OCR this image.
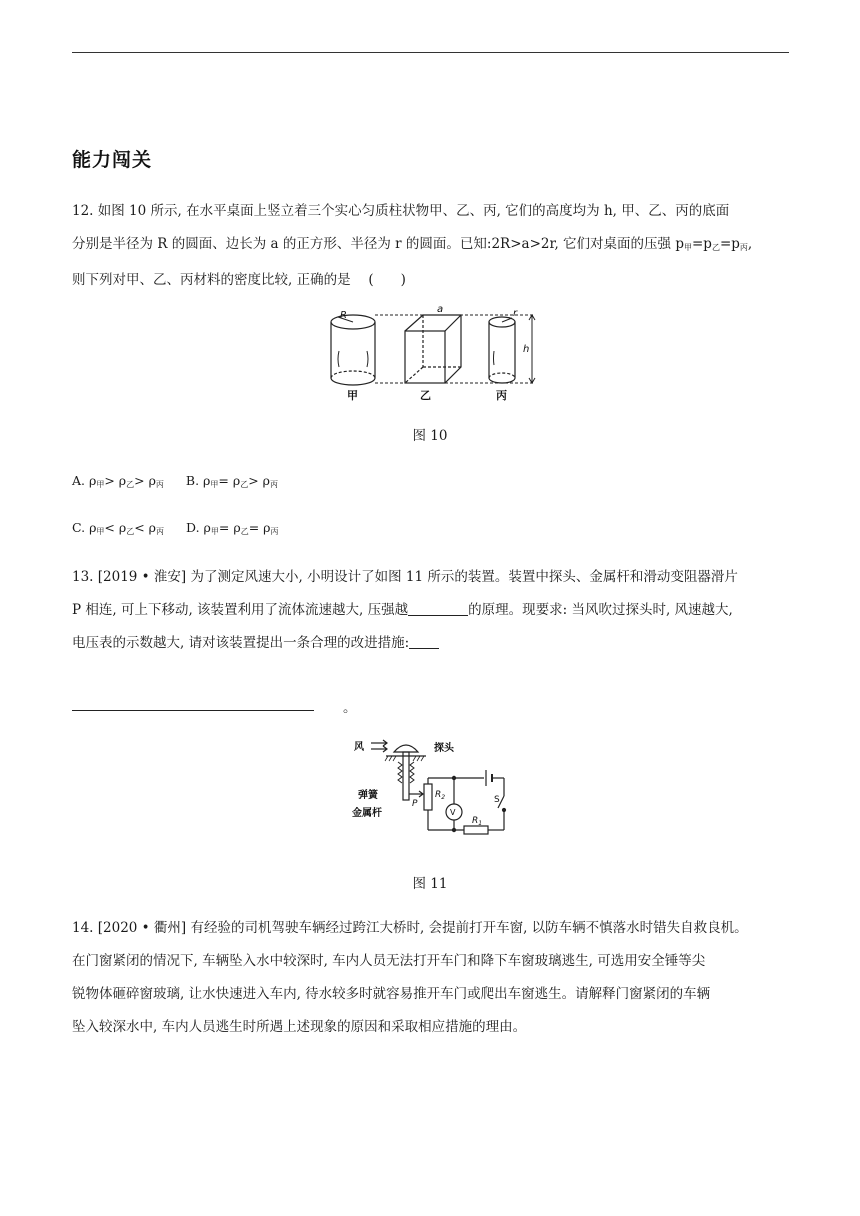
能力闯关
12. 如图 10 所示, 在水平桌面上竖立着三个实心匀质柱状物甲、乙、丙, 它们的高度均为 h, 甲、乙、丙的底面
分别是半径为 R 的圆面、边长为 a 的正方形、半径为 r 的圆面。已知:2R>a>2r, 它们对桌面的压强 $p_甲=p_乙=p_丙$,
则下列对甲、乙、丙材料的密度比较, 正确的是　 (　　)
R
a	r
h
甲	乙	丙
图 10
A. $\rho_甲> \rho_乙> \rho_丙$ B. $\rho_甲= \rho_乙> \rho_丙$
C. $\rho_甲< \rho_乙< \rho_丙$ D. $\rho_甲= \rho_乙= \rho_丙$
13. [2019 • 淮安] 为了测定风速大小, 小明设计了如图 11 所示的装置。装置中探头、金属杆和滑动变阻器滑片
P 相连, 可上下移动, 该装置利用了流体流速越大, 压强越	的原理。现要求: 当风吹过探头时, 风速越大,
电压表的示数越大, 请对该装置提出一条合理的改进措施:
。
风	探头
弹簧
金属杆
P
$R_2$
V
S
$R_1$
图 11
14. [2020 • 衢州] 有经验的司机驾驶车辆经过跨江大桥时, 会提前打开车窗, 以防车辆不慎落水时错失自救良机。
在门窗紧闭的情况下, 车辆坠入水中较深时, 车内人员无法打开车门和降下车窗玻璃逃生, 可选用安全锤等尖
锐物体砸碎窗玻璃, 让水快速进入车内, 待水较多时就容易推开车门或爬出车窗逃生。请解释门窗紧闭的车辆
坠入较深水中, 车内人员逃生时所遇上述现象的原因和采取相应措施的理由。
